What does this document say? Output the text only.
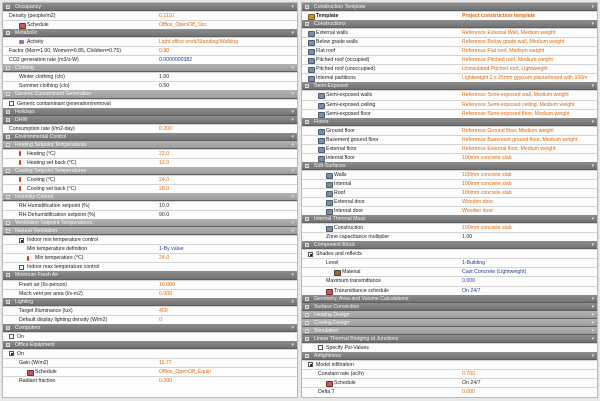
Occupancy	▾
Density (people/m2)	0.1110
Schedule	Office_OpenOff_Occ
Metabolic	▾
Activity	Light office work/Standing/Walking
Factor (Men=1.00, Women=0.85, Children=0.75)	0.90
CO2 generation rate (m3/s-W)	0.0000000382
Clothing	▾
Winter clothing (clo)	1.00
Summer clothing (clo)	0.50
Generic Contaminant Generation	▾
Generic contaminant generation/removal
Holidays	▾
DHW	▾
Consumption rate (l/m2-day)	0.200
Environmental Control	▾
Heating Setpoint Temperatures	▾
Heating (°C)	22.0
Heating set back (°C)	12.0
Cooling Setpoint Temperatures	▾
Cooling (°C)	24.0
Cooling set back (°C)	28.0
Humidity Control	▾
RH Humidification setpoint (%)	10.0
RH Dehumidification setpoint (%)	90.0
Ventilation Setpoint Temperatures	▾
Natural Ventilation	▾
Indoor min temperature control
Min temperature definition	1-By value
Min temperature (°C)	24.0
Indoor max temperature control
Minimum Fresh Air	▾
Fresh air (l/s-person)	10.000
Mech vent per area (l/s-m2)	0.000
Lighting	▾
Target Illuminance (lux)	400
Default display lighting density (W/m2)	0
Computers	▾
On
Office Equipment	▾
On
Gain (W/m2)	11.77
Schedule	Office_OpenOff_Equip
Radiant fraction	0.200
Construction Template	▾
Template	Project construction template
Constructions	▾
External walls	Reference External Wall, Medium weight
Below grade walls	Reference Below grade wall, Medium weight
Flat roof	Reference Flat roof, Medium weight
Pitched roof (occupied)	Reference Pitched roof, Medium weight
Pitched roof (unoccupied)	Uninsulated Pitched roof, Lightweight
Internal partitions	Lightweight 2 x 25mm gypsum plasterboard with 100m
Semi-Exposed	▾
Semi-exposed walls	Reference Semi-exposed wall, Medium weight
Semi-exposed ceiling	Reference Semi-exposed ceiling, Medium weight
Semi-exposed floor	Reference Semi-exposed floor, Medium weight
Floors	▾
Ground floor	Reference Ground floor, Medium weight
Basement ground floor	Reference Basement ground floor, Medium weight
External floor	Reference External floor, Medium weight
Internal floor	100mm concrete slab
Sub-Surfaces	▾
Walls	100mm concrete slab
Internal	100mm concrete slab
Roof	100mm concrete slab
External door	Wooden door
Internal door	Wooden door
Internal Thermal Mass	▾
Construction	100mm concrete slab
Zone capacitance multiplier	1.00
Component Block	▾
Shades and reflects
Level	1-Building
Material	Cast Concrete (Lightweight)
Maximum transmittance	0.000
Transmittance schedule	On 24/7
Geometry, Area and Volume Calculations	▾
Surface Convection	▾
Heating Design	▾
Cooling Design	▾
Simulation	▾
Linear Thermal Bridging at Junctions	▾
Specify Psi-Values
Airtightness	▾
Model infiltration
Constant rate (ac/h)	0.700
Schedule	On 24/7
Delta T	0.000
